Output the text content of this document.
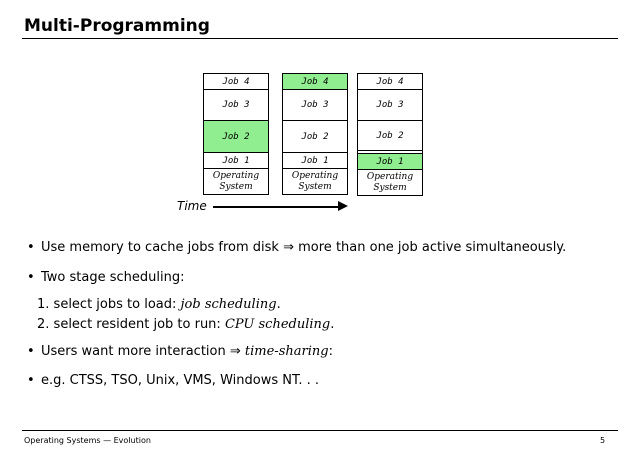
Multi-Programming
Job 4
Job 3
Job 2
Job 1
Operating
System
Job 4
Job 3
Job 2
Job 1
Operating
System
Job 4
Job 3
Job 2
Job 1
Operating
System
Time
• Use memory to cache jobs from disk ⇒ more than one job active simultaneously.
• Two stage scheduling:
1. select jobs to load: job scheduling.
2. select resident job to run: CPU scheduling.
• Users want more interaction ⇒ time-sharing:
• e.g. CTSS, TSO, Unix, VMS, Windows NT. . .
Operating Systems — Evolution	5
